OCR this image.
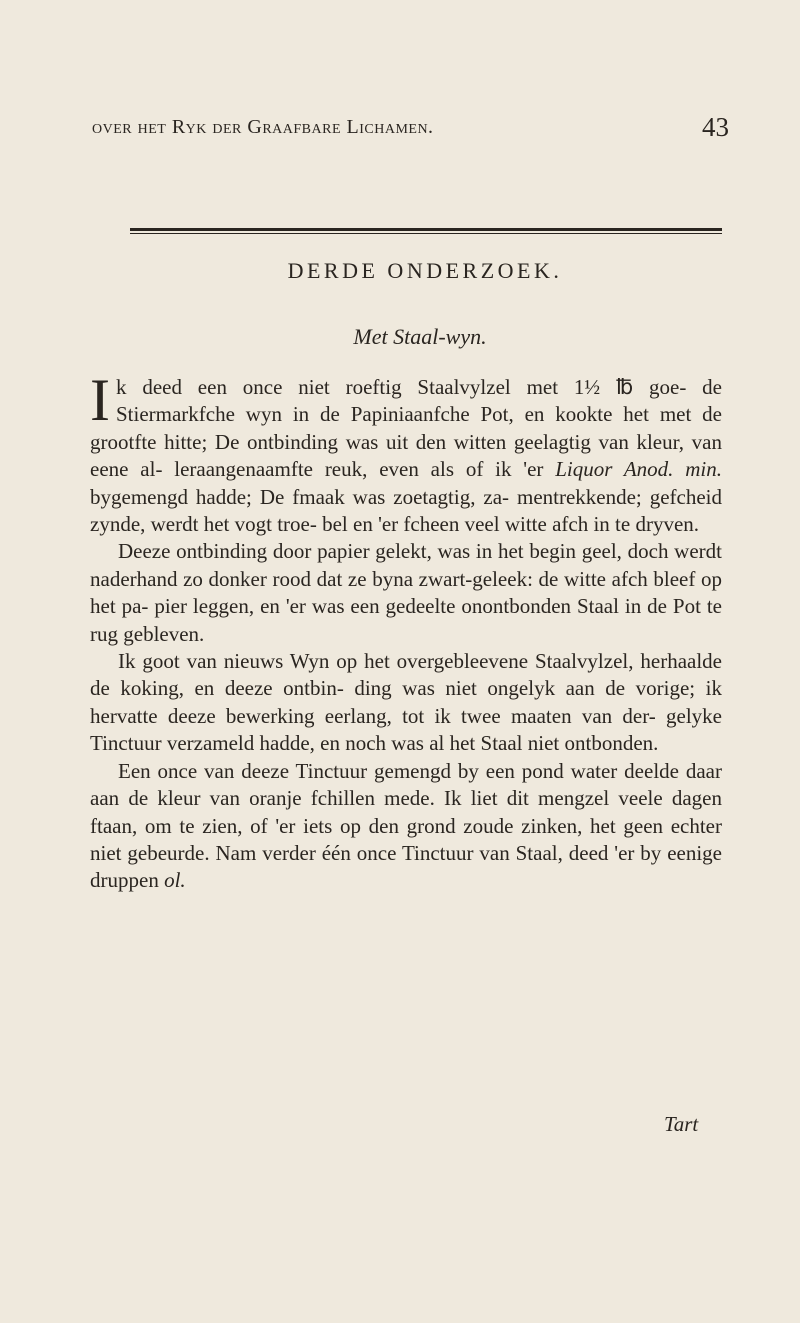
over het Ryk der Graafbare Lichamen.	43
DERDE ONDERZOEK.
Met Staal-wyn.

Ik deed een once niet roeftig Staalvylzel met 1½ ℔ goe- de Stiermarkfche wyn in de Papiniaanfche Pot, en kookte het met de grootfte hitte; De ontbinding was uit den witten geelagtig van kleur, van eene al- leraangenaamfte reuk, even als of ik 'er Liquor Anod. min. bygemengd hadde; De fmaak was zoetagtig, za- mentrekkende; gefcheid zynde, werdt het vogt troe- bel en 'er fcheen veel witte afch in te dryven.

Deeze ontbinding door papier gelekt, was in het begin geel, doch werdt naderhand zo donker rood dat ze byna zwart-geleek: de witte afch bleef op het pa- pier leggen, en 'er was een gedeelte onontbonden Staal in de Pot te rug gebleven.

Ik goot van nieuws Wyn op het overgebleevene Staalvylzel, herhaalde de koking, en deeze ontbin- ding was niet ongelyk aan de vorige; ik hervatte deeze bewerking eerlang, tot ik twee maaten van der- gelyke Tinctuur verzameld hadde, en noch was al het Staal niet ontbonden.

Een once van deeze Tinctuur gemengd by een pond water deelde daar aan de kleur van oranje fchillen mede. Ik liet dit mengzel veele dagen ftaan, om te zien, of 'er iets op den grond zoude zinken, het geen echter niet gebeurde. Nam verder één once Tinctuur van Staal, deed 'er by eenige druppen ol.

Tart
